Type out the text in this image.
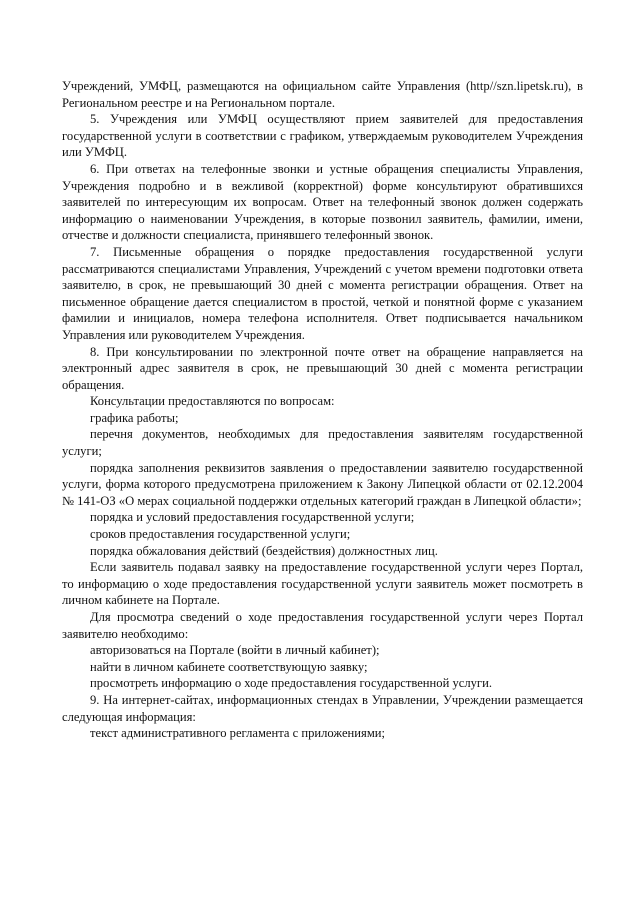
Учреждений, УМФЦ, размещаются на официальном сайте Управления (http//szn.lipetsk.ru), в Региональном реестре и на Региональном портале.

5. Учреждения или УМФЦ осуществляют прием заявителей для предоставления государственной услуги в соответствии с графиком, утверждаемым руководителем Учреждения или УМФЦ.

6. При ответах на телефонные звонки и устные обращения специалисты Управления, Учреждения подробно и в вежливой (корректной) форме консультируют обратившихся заявителей по интересующим их вопросам. Ответ на телефонный звонок должен содержать информацию о наименовании Учреждения, в которые позвонил заявитель, фамилии, имени, отчестве и должности специалиста, принявшего телефонный звонок.

7. Письменные обращения о порядке предоставления государственной услуги рассматриваются специалистами Управления, Учреждений с учетом времени подготовки ответа заявителю, в срок, не превышающий 30 дней с момента регистрации обращения. Ответ на письменное обращение дается специалистом в простой, четкой и понятной форме с указанием фамилии и инициалов, номера телефона исполнителя. Ответ подписывается начальником Управления или руководителем Учреждения.

8. При консультировании по электронной почте ответ на обращение направляется на электронный адрес заявителя в срок, не превышающий 30 дней с момента регистрации обращения.

Консультации предоставляются по вопросам:

графика работы;

перечня документов, необходимых для предоставления заявителям государственной услуги;

порядка заполнения реквизитов заявления о предоставлении заявителю государственной услуги, форма которого предусмотрена приложением к Закону Липецкой области от 02.12.2004 № 141-ОЗ «О мерах социальной поддержки отдельных категорий граждан в Липецкой области»;

порядка и условий предоставления государственной услуги;

сроков предоставления государственной услуги;

порядка обжалования действий (бездействия) должностных лиц.

Если заявитель подавал заявку на предоставление государственной услуги через Портал, то информацию о ходе предоставления государственной услуги заявитель может посмотреть в личном кабинете на Портале.

Для просмотра сведений о ходе предоставления государственной услуги через Портал заявителю необходимо:

авторизоваться на Портале (войти в личный кабинет);

найти в личном кабинете соответствующую заявку;

просмотреть информацию о ходе предоставления государственной услуги.

9. На интернет-сайтах, информационных стендах в Управлении, Учреждении размещается следующая информация:

текст административного регламента с приложениями;
